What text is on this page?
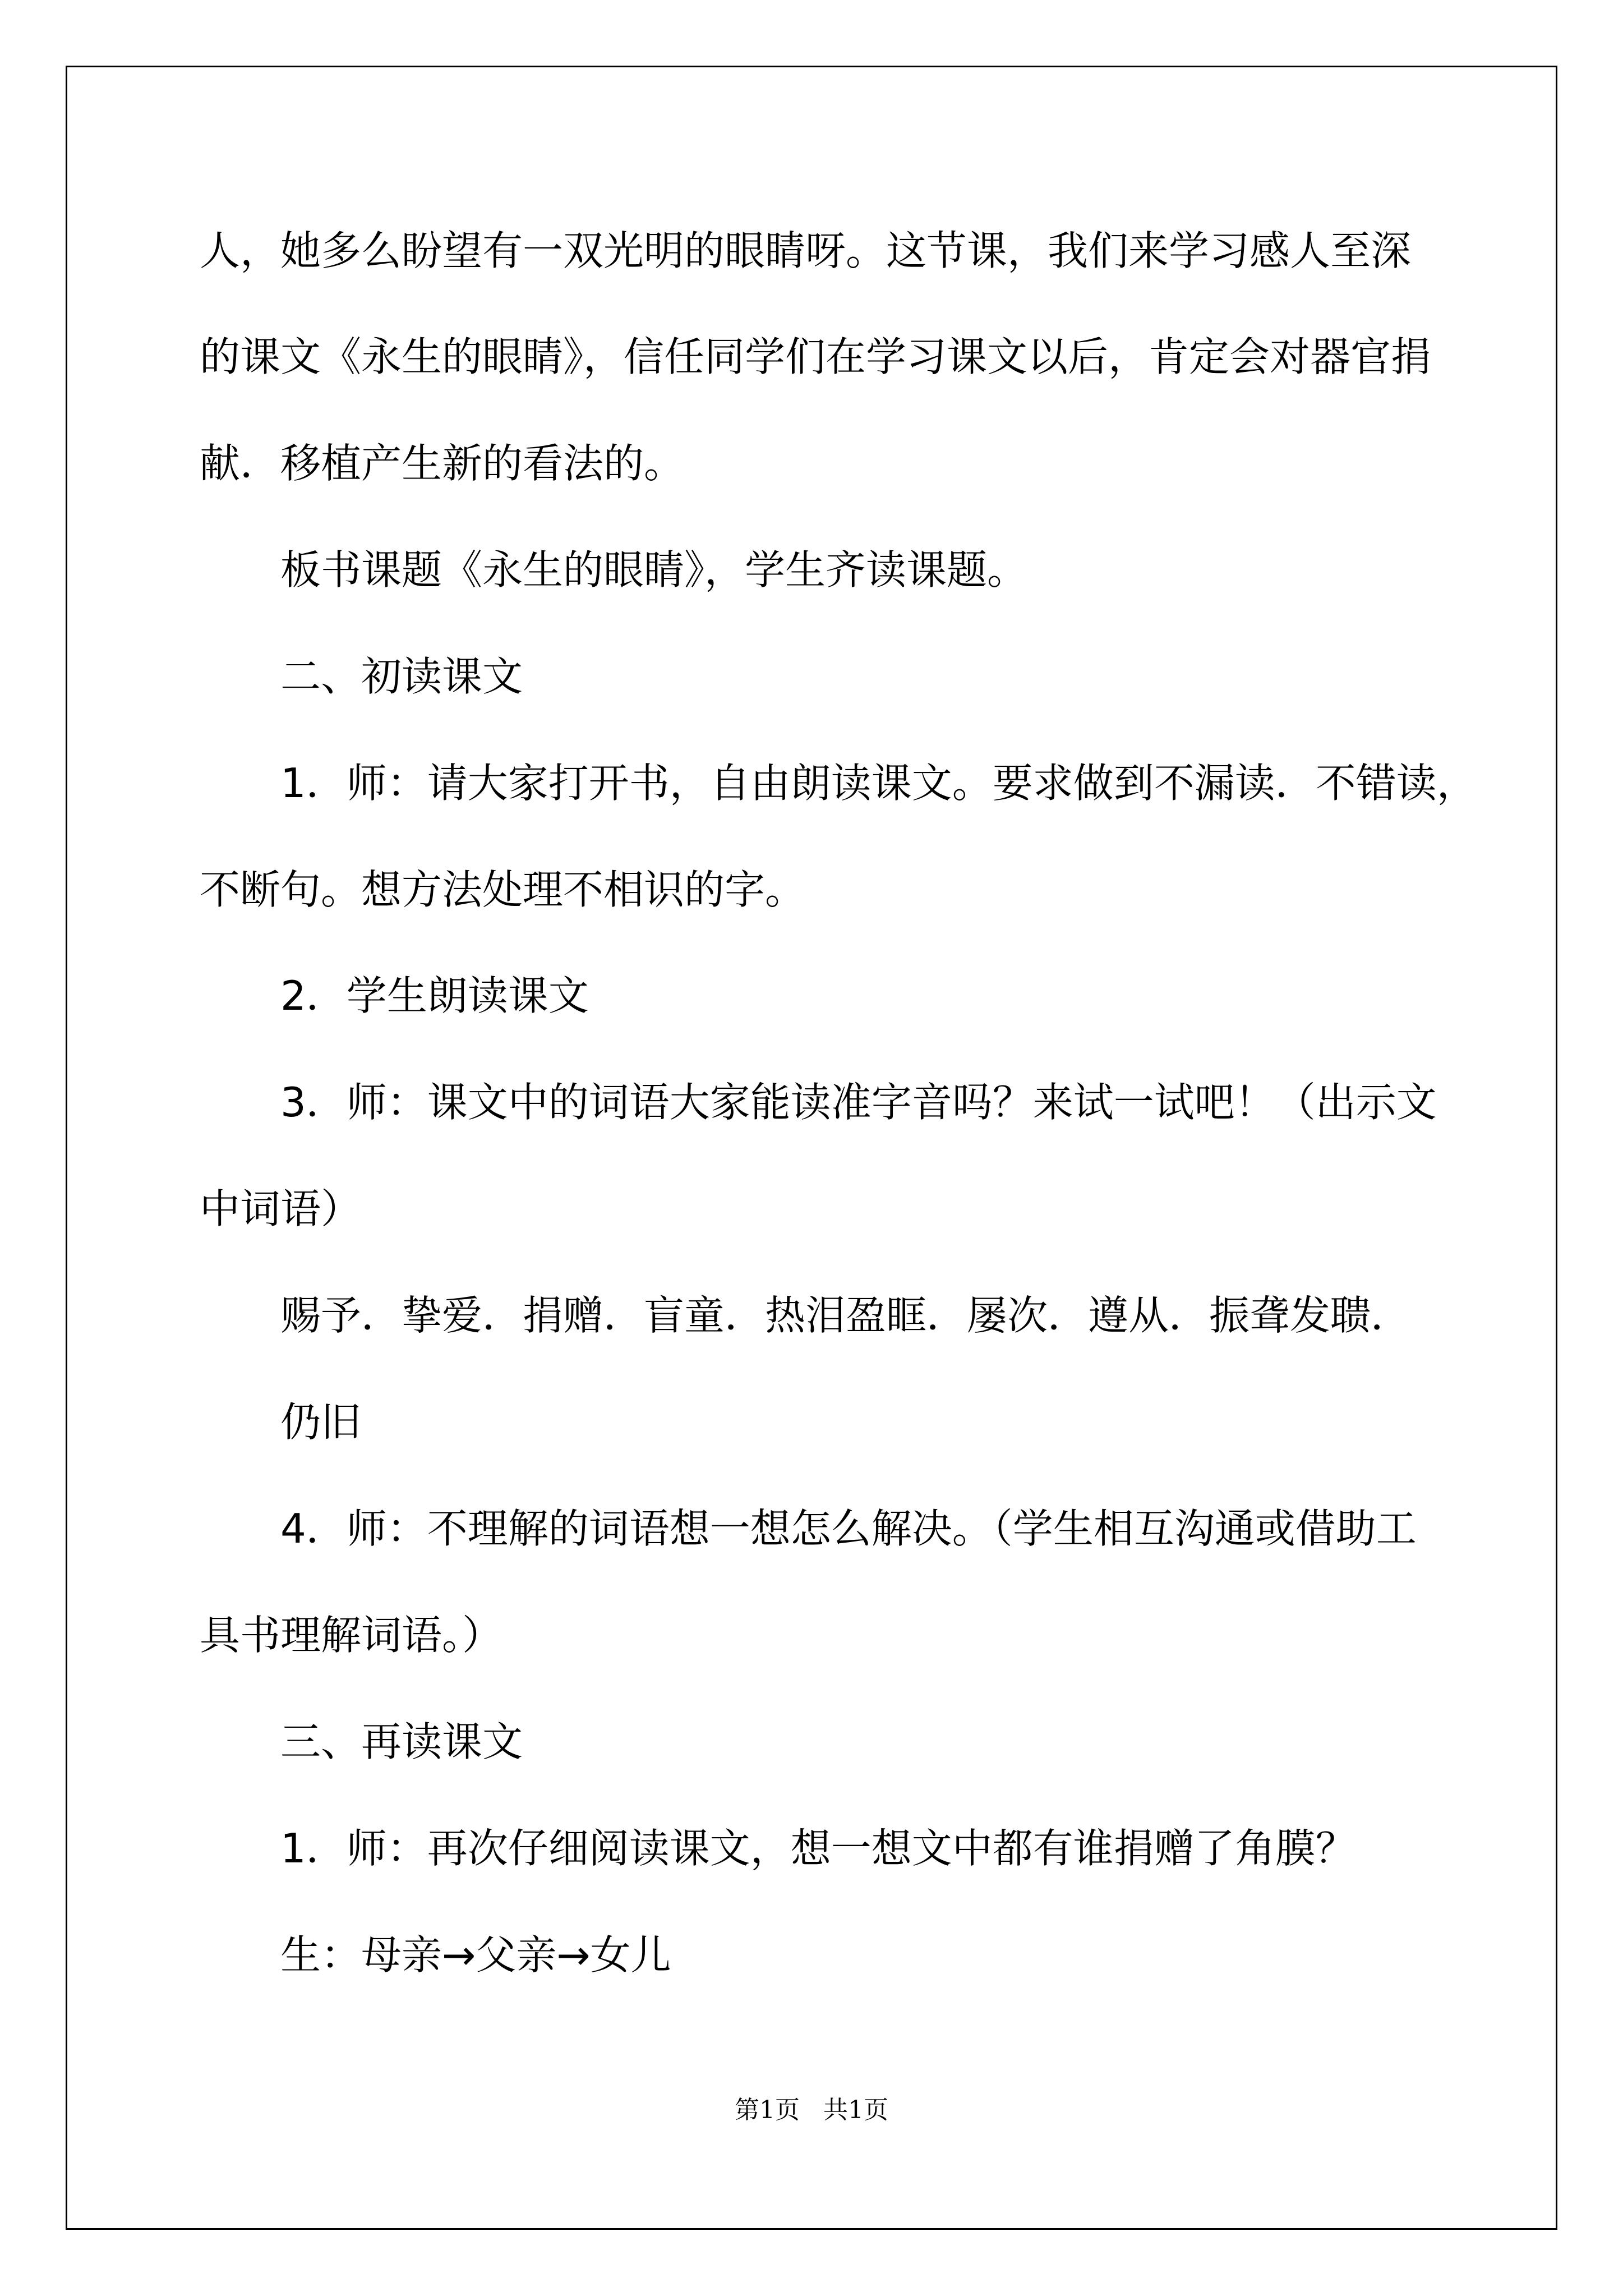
人，她多么盼望有一双光明的眼睛呀。这节课，我们来学习感人至深
的课文《永生的眼睛》，信任同学们在学习课文以后，肯定会对器官捐
献．移植产生新的看法的。
板书课题《永生的眼睛》，学生齐读课题。
二、初读课文
1．师：请大家打开书，自由朗读课文。要求做到不漏读．不错读，
不断句。想方法处理不相识的字。
2．学生朗读课文
3．师：课文中的词语大家能读准字音吗？来试一试吧！（出示文
中词语）
赐予．挚爱．捐赠．盲童．热泪盈眶．屡次．遵从．振聋发聩．
仍旧
4．师：不理解的词语想一想怎么解决。（学生相互沟通或借助工
具书理解词语。）
三、再读课文
1．师：再次仔细阅读课文，想一想文中都有谁捐赠了角膜？
生：母亲→父亲→女儿
第1页   共1页
